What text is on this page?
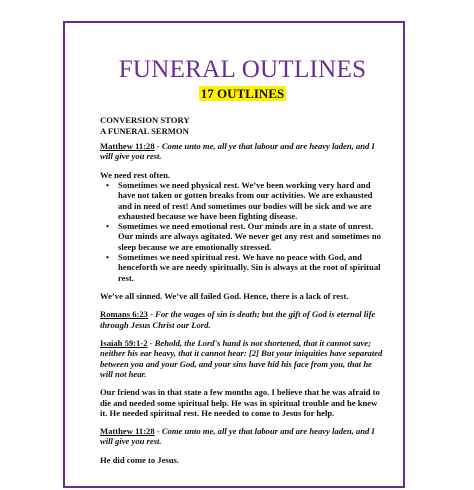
FUNERAL OUTLINES
17 OUTLINES

CONVERSION STORY

A FUNERAL SERMON

Matthew 11:28 - Come unto me, all ye that labour and are heavy laden, and I will give you rest.

We need rest often.

• Sometimes we need physical rest. We’ve been working very hard and have not taken or gotten breaks from our activities. We are exhausted and in need of rest! And sometimes our bodies will be sick and we are exhausted because we have been fighting disease.
• Sometimes we need emotional rest. Our minds are in a state of unrest. Our minds are always agitated. We never get any rest and sometimes no sleep because we are emotionally stressed.
• Sometimes we need spiritual rest. We have no peace with God, and henceforth we are needy spiritually. Sin is always at the root of spiritual rest.

We’ve all sinned. We’ve all failed God. Hence, there is a lack of rest.

Romans 6:23 - For the wages of sin is death; but the gift of God is eternal life through Jesus Christ our Lord.

Isaiah 59:1-2 - Behold, the Lord's hand is not shortened, that it cannot save; neither his ear heavy, that it cannot hear: [2] But your iniquities have separated between you and your God, and your sins have hid his face from you, that he will not hear.

Our friend was in that state a few months ago. I believe that he was afraid to die and needed some spiritual help. He was in spiritual trouble and he knew it. He needed spiritual rest. He needed to come to Jesus for help.

Matthew 11:28 - Come unto me, all ye that labour and are heavy laden, and I will give you rest.

He did come to Jesus.
